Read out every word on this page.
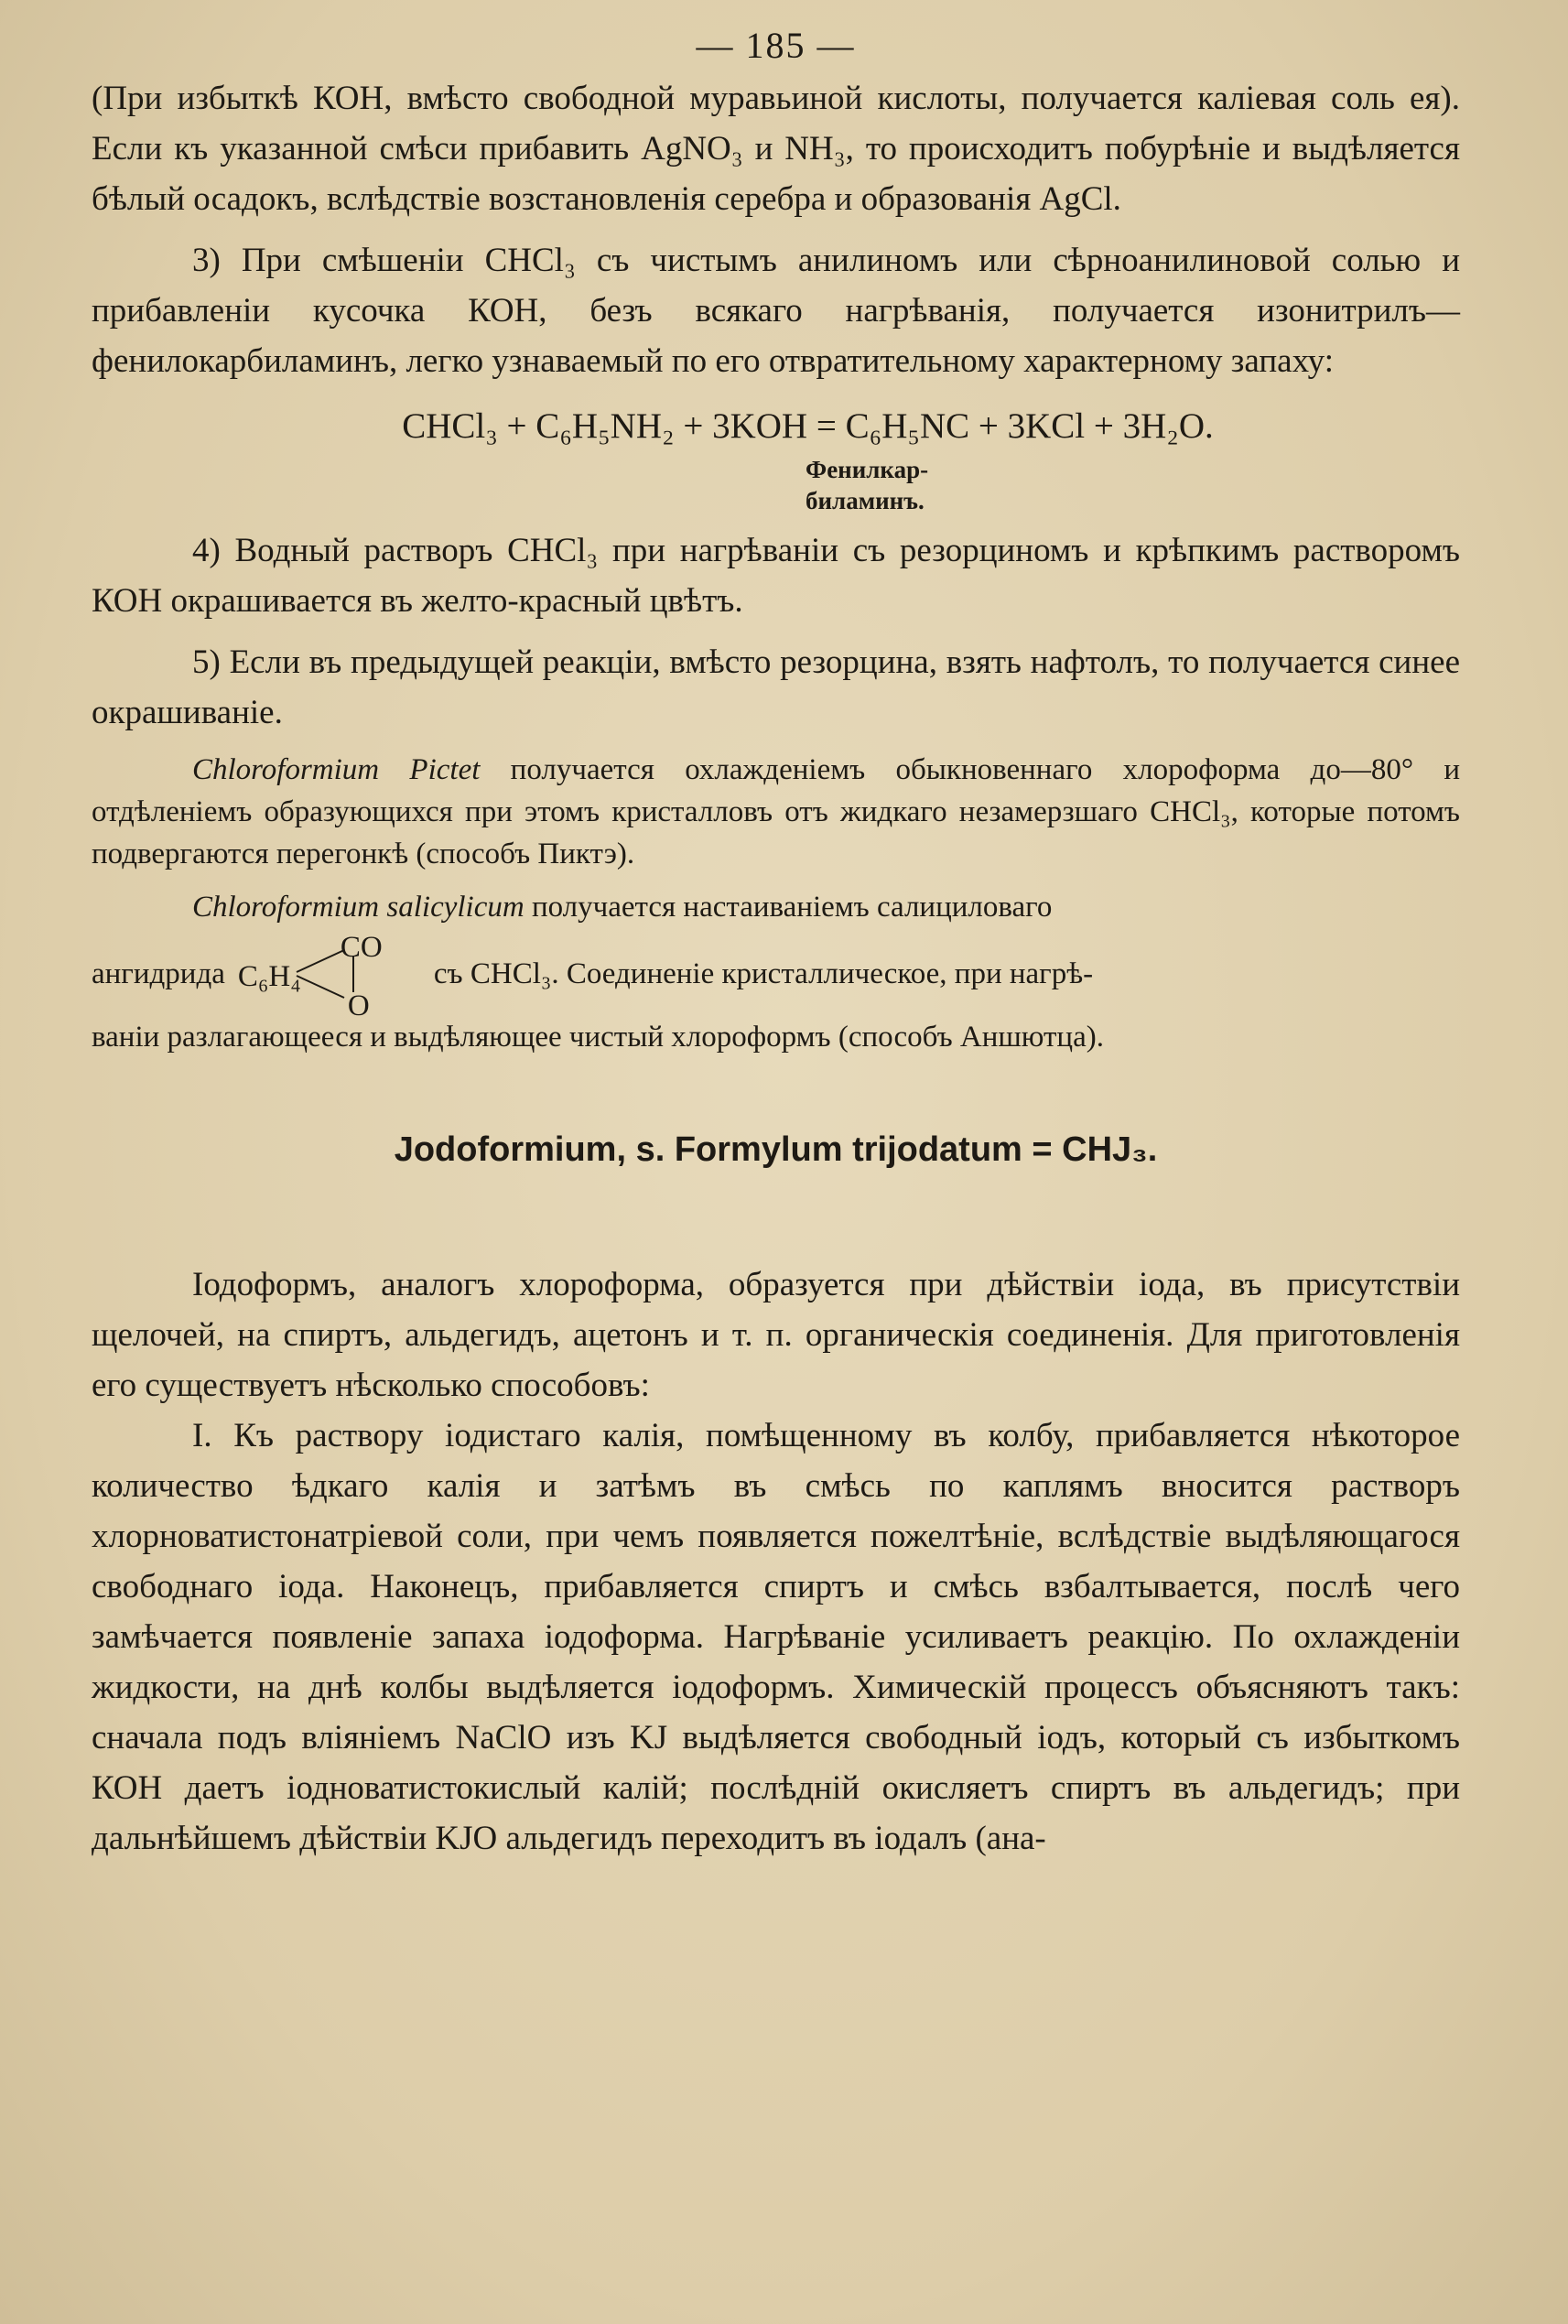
— 185 —

(При избыткѣ КОН, вмѣсто свободной муравьиной кислоты, получается каліевая соль ея). Если къ указанной смѣси прибавить AgNO₃ и NH₃, то происходитъ побурѣніе и выдѣляется бѣлый осадокъ, вслѣдствіе возстановленія серебра и образованія AgCl.

3) При смѣшеніи CHCl₃ съ чистымъ анилиномъ или сѣрноанилиновой солью и прибавленіи кусочка КОН, безъ всякаго нагрѣванія, получается изонитрилъ—фенилокарбиламинъ, легко узнаваемый по его отвратительному характерному запаху:

CHCl₃ + C₆H₅NH₂ + 3KOH = C₆H₅NC + 3KCl + 3H₂O.
Фенилкар-
биламинъ.

4) Водный растворъ CHCl₃ при нагрѣваніи съ резорциномъ и крѣпкимъ растворомъ КОН окрашивается въ желто-красный цвѣтъ.

5) Если въ предыдущей реакціи, вмѣсто резорцина, взять нафтолъ, то получается синее окрашиваніе.

Chloroformium Pictet получается охлажденіемъ обыкновеннаго хлороформа до—80° и отдѣленіемъ образующихся при этомъ кристалловъ отъ жидкаго незамерзшаго CHCl₃, которые потомъ подвергаются перегонкѣ (способъ Пиктэ).

Chloroformium salicylicum получается настаиваніемъ салициловаго

ангидрида C₆H₄
CO
O
съ CHCl₃. Соединеніе кристаллическое, при нагрѣ-

ваніи разлагающееся и выдѣляющее чистый хлороформъ (способъ Аншютца).

Jodoformium, s. Formylum trijodatum = CHJ₃.

Іодоформъ, аналогъ хлороформа, образуется при дѣйствіи іода, въ присутствіи щелочей, на спиртъ, альдегидъ, ацетонъ и т. п. органическія соединенія. Для приготовленія его существуетъ нѣсколько способовъ:

I. Къ раствору іодистаго калія, помѣщенному въ колбу, прибавляется нѣкоторое количество ѣдкаго калія и затѣмъ въ смѣсь по каплямъ вносится растворъ хлорноватистонатріевой соли, при чемъ появляется пожелтѣніе, вслѣдствіе выдѣляющагося свободнаго іода. Наконецъ, прибавляется спиртъ и смѣсь взбалтывается, послѣ чего замѣчается появленіе запаха іодоформа. Нагрѣваніе усиливаетъ реакцію. По охлажденіи жидкости, на днѣ колбы выдѣляется іодоформъ. Химическій процессъ объясняютъ такъ: сначала подъ вліяніемъ NaClO изъ KJ выдѣляется свободный іодъ, который съ избыткомъ КОН даетъ іодноватистокислый калій; послѣдній окисляетъ спиртъ въ альдегидъ; при дальнѣйшемъ дѣйствіи KJO альдегидъ переходитъ въ іодалъ (ана-
